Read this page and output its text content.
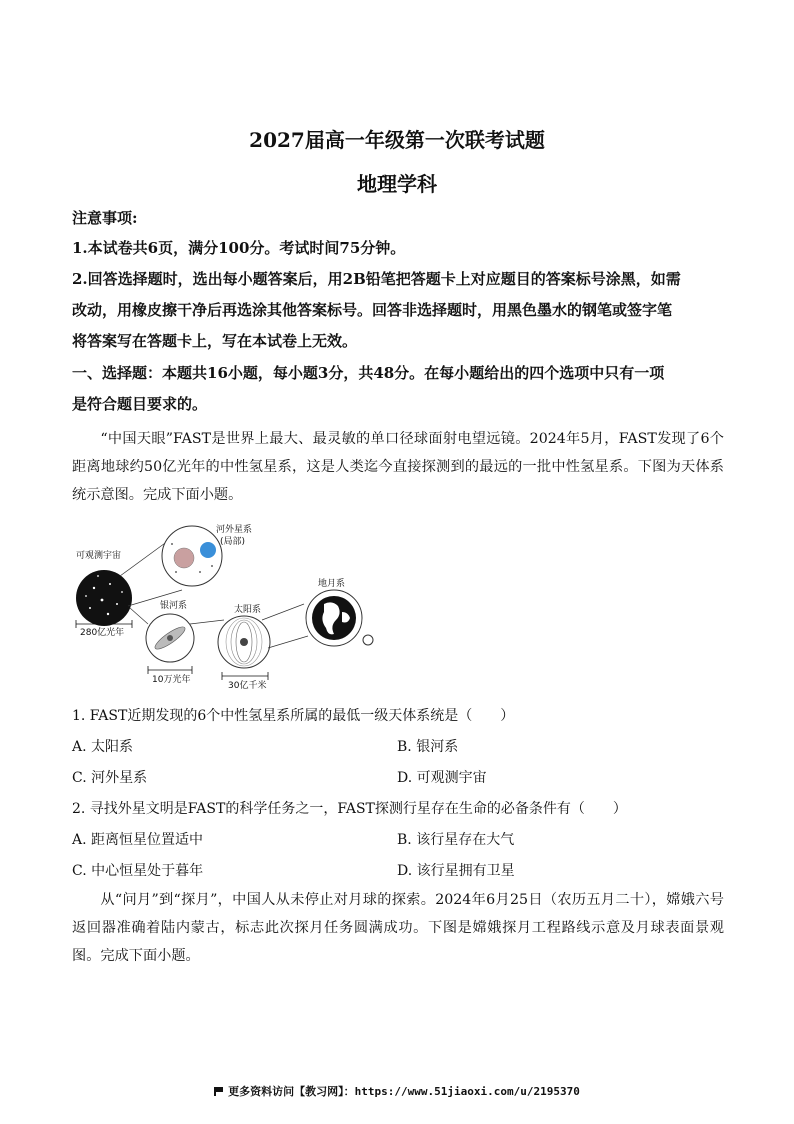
2027届高一年级第一次联考试题
地理学科
注意事项:
1.本试卷共6页，满分100分。考试时间75分钟。
2.回答选择题时，选出每小题答案后，用2B铅笔把答题卡上对应题目的答案标号涂黑，如需
改动，用橡皮擦干净后再选涂其他答案标号。回答非选择题时，用黑色墨水的钢笔或签字笔
将答案写在答题卡上，写在本试卷上无效。
一、选择题：本题共16小题，每小题3分，共48分。在每小题给出的四个选项中只有一项
是符合题目要求的。
“中国天眼”FAST是世界上最大、最灵敏的单口径球面射电望远镜。2024年5月，FAST发现了6个距离地球约50亿光年的中性氢星系，这是人类迄今直接探测到的最远的一批中性氢星系。下图为天体系统示意图。完成下面小题。
可观测宇宙
280亿光年
河外星系
(局部)
银河系
10万光年
太阳系
30亿千米
地月系
1. FAST近期发现的6个中性氢星系所属的最低一级天体系统是（　　）
A. 太阳系	B. 银河系
C. 河外星系	D. 可观测宇宙
2. 寻找外星文明是FAST的科学任务之一，FAST探测行星存在生命的必备条件有（　　）
A. 距离恒星位置适中	B. 该行星存在大气
C. 中心恒星处于暮年	D. 该行星拥有卫星
从“问月”到“探月”，中国人从未停止对月球的探索。2024年6月25日（农历五月二十），嫦娥六号返回器准确着陆内蒙古，标志此次探月任务圆满成功。下图是嫦娥探月工程路线示意及月球表面景观图。完成下面小题。
更多资料访问【教习网】：https://www.51jiaoxi.com/u/2195370
